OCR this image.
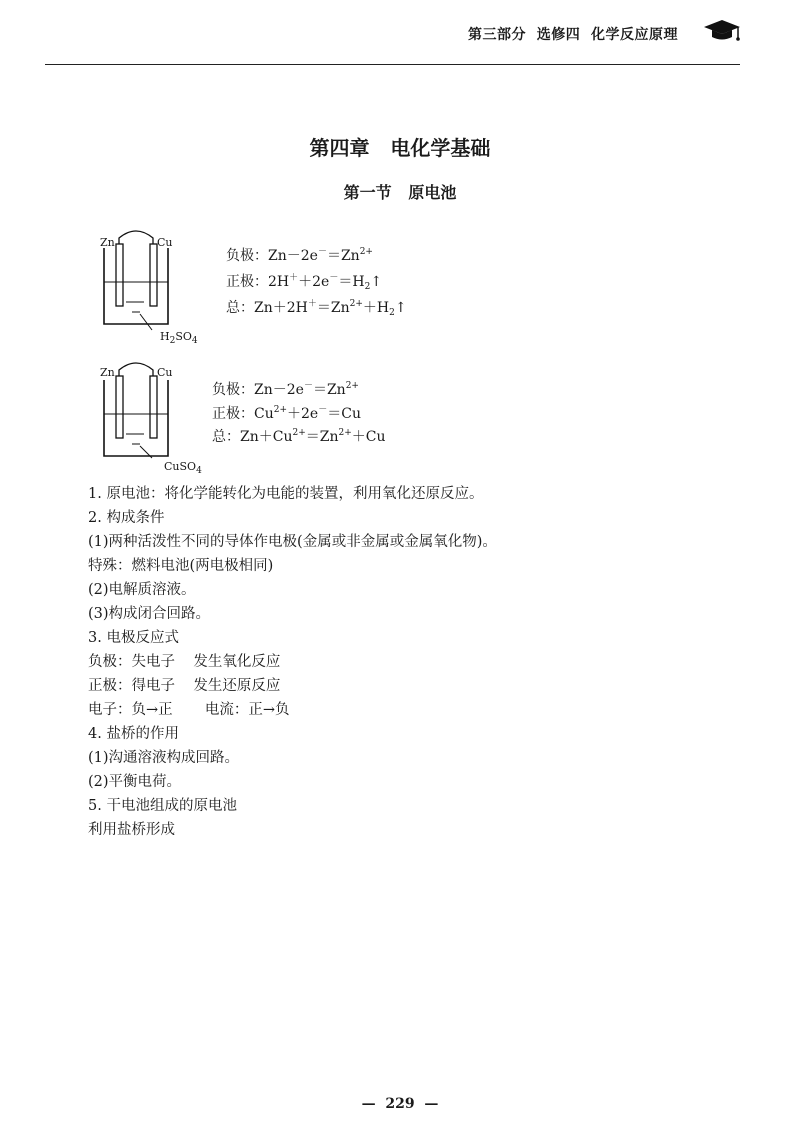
第三部分  选修四  化学反应原理
第四章   电化学基础
第一节   原电池
Zn	Cu
$H_2SO_4$
负极：$Zn-2e^-=Zn^{2+}$
正极：$2H^++2e^-=H_2↑$
总：$Zn+2H^+=Zn^{2+}+H_2↑$
Zn	Cu
CuSO$_4$
负极：$Zn-2e^-=Zn^{2+}$
正极：$Cu^{2+}+2e^-=Cu$
总：$Zn+Cu^{2+}=Zn^{2+}+Cu$
1. 原电池：将化学能转化为电能的装置，利用氧化还原反应。
2. 构成条件
(1)两种活泼性不同的导体作电极(金属或非金属或金属氧化物)。
特殊：燃料电池(两电极相同)
(2)电解质溶液。
(3)构成闭合回路。
3. 电极反应式
负极：失电子    发生氧化反应
正极：得电子    发生还原反应
电子：负→正       电流：正→负
4. 盐桥的作用
(1)沟通溶液构成回路。
(2)平衡电荷。
5. 干电池组成的原电池
利用盐桥形成
—  229  —
